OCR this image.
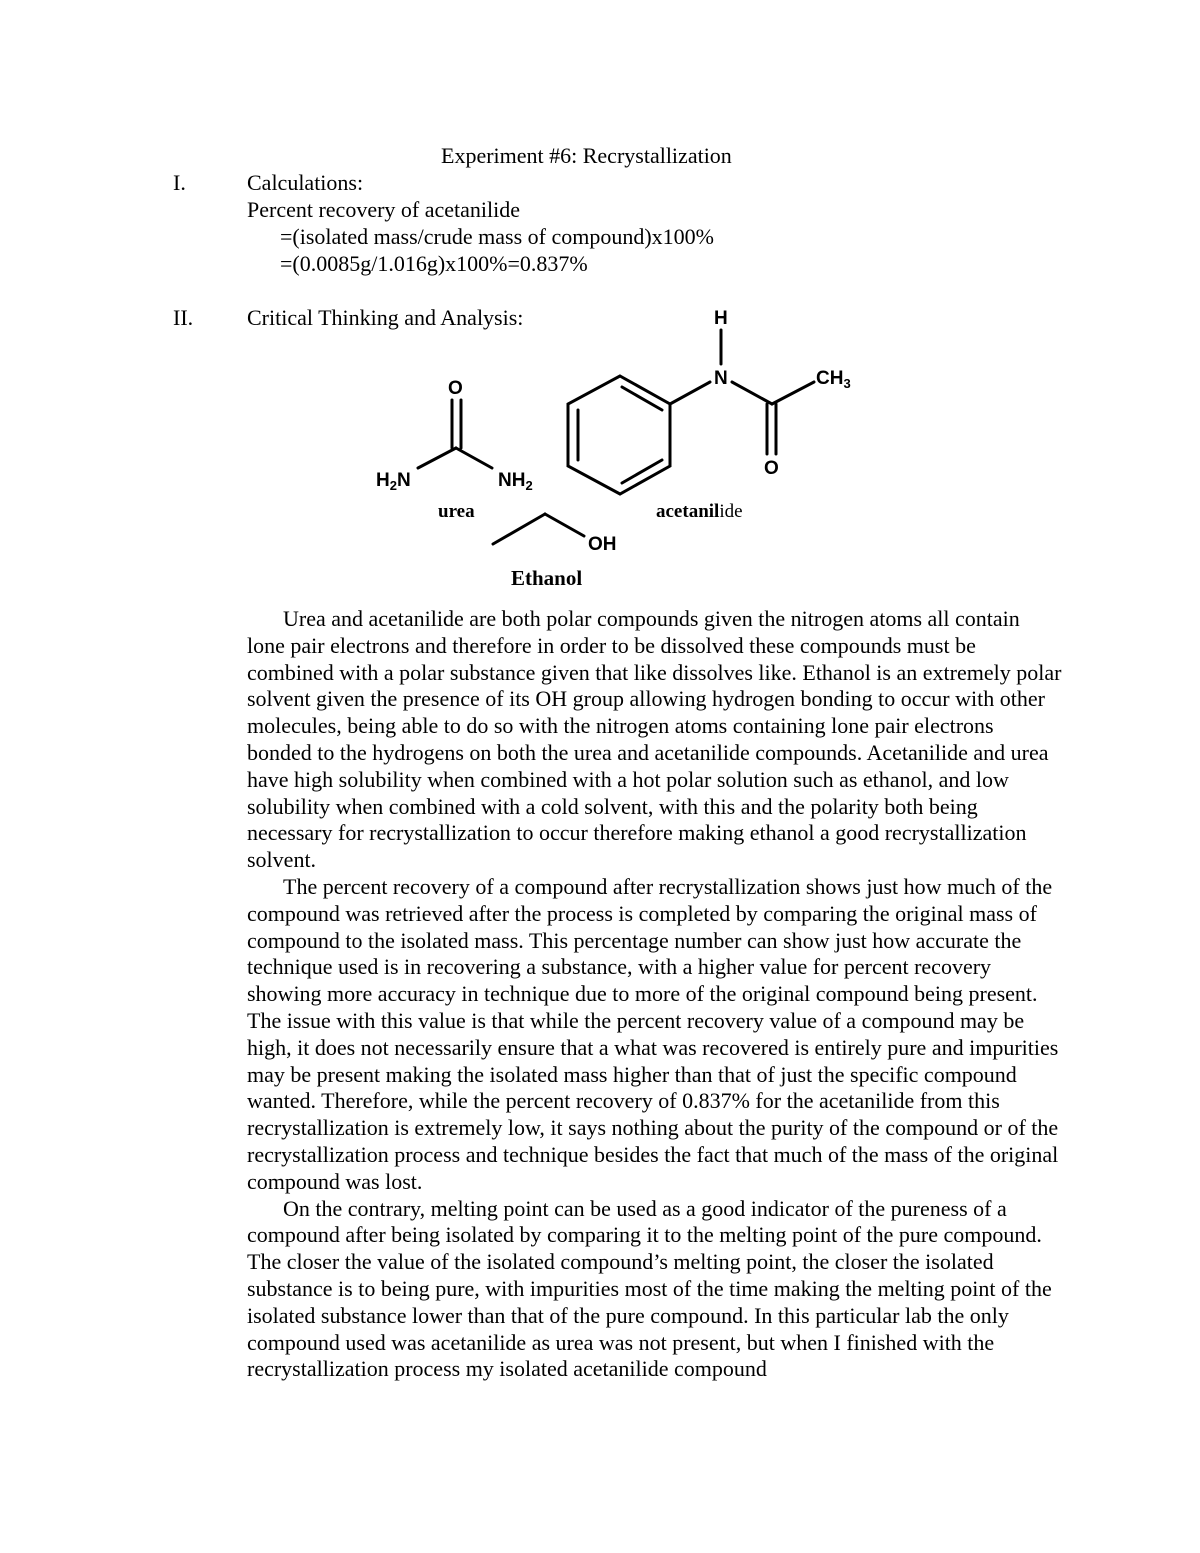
Experiment #6: Recrystallization
I.	Calculations:
Percent recovery of acetanilide
=(isolated mass/crude mass of compound)x100%
=(0.0085g/1.016g)x100%=0.837%
II. Critical Thinking and Analysis:
O
$H_2N$	$NH_2$
urea
H
N	$CH_3$
O
acetanilide
OH
Ethanol

Urea and acetanilide are both polar compounds given the nitrogen atoms all contain lone pair electrons and therefore in order to be dissolved these compounds must be combined with a polar substance given that like dissolves like. Ethanol is an extremely polar solvent given the presence of its OH group allowing hydrogen bonding to occur with other molecules, being able to do so with the nitrogen atoms containing lone pair electrons bonded to the hydrogens on both the urea and acetanilide compounds. Acetanilide and urea have high solubility when combined with a hot polar solution such as ethanol, and low solubility when combined with a cold solvent, with this and the polarity both being necessary for recrystallization to occur therefore making ethanol a good recrystallization solvent.

The percent recovery of a compound after recrystallization shows just how much of the compound was retrieved after the process is completed by comparing the original mass of compound to the isolated mass. This percentage number can show just how accurate the technique used is in recovering a substance, with a higher value for percent recovery showing more accuracy in technique due to more of the original compound being present. The issue with this value is that while the percent recovery value of a compound may be high, it does not necessarily ensure that a what was recovered is entirely pure and impurities may be present making the isolated mass higher than that of just the specific compound wanted. Therefore, while the percent recovery of 0.837% for the acetanilide from this recrystallization is extremely low, it says nothing about the purity of the compound or of the recrystallization process and technique besides the fact that much of the mass of the original compound was lost.

On the contrary, melting point can be used as a good indicator of the pureness of a compound after being isolated by comparing it to the melting point of the pure compound. The closer the value of the isolated compound’s melting point, the closer the isolated substance is to being pure, with impurities most of the time making the melting point of the isolated substance lower than that of the pure compound. In this particular lab the only compound used was acetanilide as urea was not present, but when I finished with the recrystallization process my isolated acetanilide compound
